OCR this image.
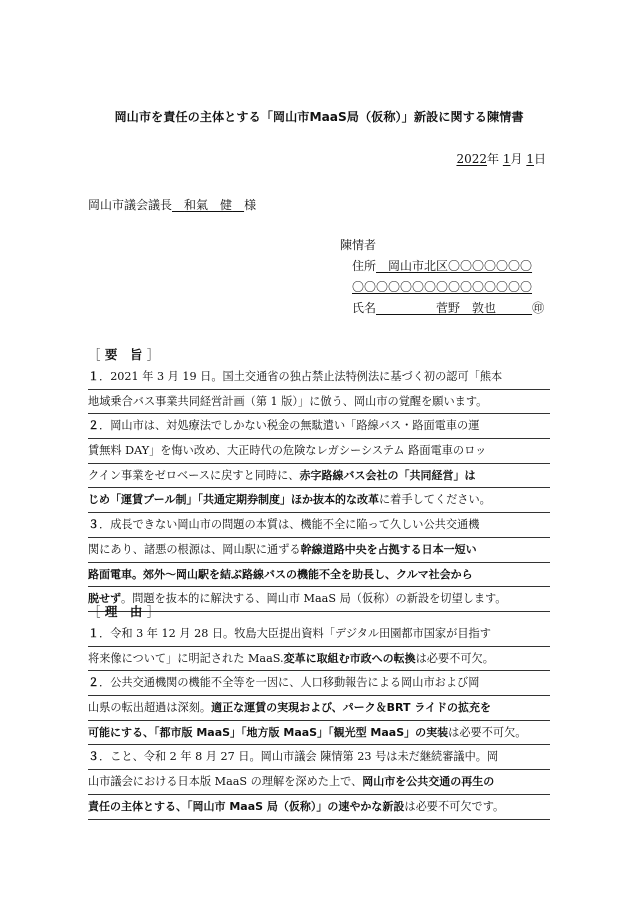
岡山市を責任の主体とする「岡山市MaaS局（仮称）」新設に関する陳情書
2022年 1月 1日
岡山市議会議長　 和氣　健　 様
陳情者
住所　 岡山市北区〇〇〇〇〇〇〇
〇〇〇〇〇〇〇〇〇〇〇〇〇〇〇
氏名　　　　　	菅野　敦也　　　	㊞
［ 要　旨 ］
１．2021 年 3 月 19 日。国土交通省の独占禁止法特例法に基づく初の認可「熊本
地域乗合バス事業共同経営計画（第 1 版）」に倣う、岡山市の覚醒を願います。
２．岡山市は、対処療法でしかない税金の無駄遣い「路線バス・路面電車の運
賃無料 DAY」を悔い改め、大正時代の危険なレガシーシステム 路面電車のロッ
クイン事業をゼロベースに戻すと同時に、赤字路線バス会社の「共同経営」は
じめ「運賃プール制」「共通定期券制度」ほか抜本的な改革に着手してください。
３．成長できない岡山市の問題の本質は、機能不全に陥って久しい公共交通機
関にあり、諸悪の根源は、岡山駅に通ずる幹線道路中央を占拠する日本一短い
路面電車。郊外～岡山駅を結ぶ路線バスの機能不全を助長し、クルマ社会から
脱せず。問題を抜本的に解決する、岡山市 MaaS 局（仮称）の新設を切望します。
［ 理　由 ］
１．令和 3 年 12 月 28 日。牧島大臣提出資料「デジタル田園都市国家が目指す
将来像について」に明記された MaaS.変革に取組む市政への転換は必要不可欠。
２．公共交通機関の機能不全等を一因に、人口移動報告による岡山市および岡
山県の転出超過は深刻。適正な運賃の実現および、パーク＆BRT ライドの拡充を
可能にする、「都市版 MaaS」「地方版 MaaS」「観光型 MaaS」の実装は必要不可欠。
３．こと、令和 2 年 8 月 27 日。岡山市議会 陳情第 23 号は未だ継続審議中。岡
山市議会における日本版 MaaS の理解を深めた上で、岡山市を公共交通の再生の
責任の主体とする、「岡山市 MaaS 局（仮称）」の速やかな新設は必要不可欠です。
